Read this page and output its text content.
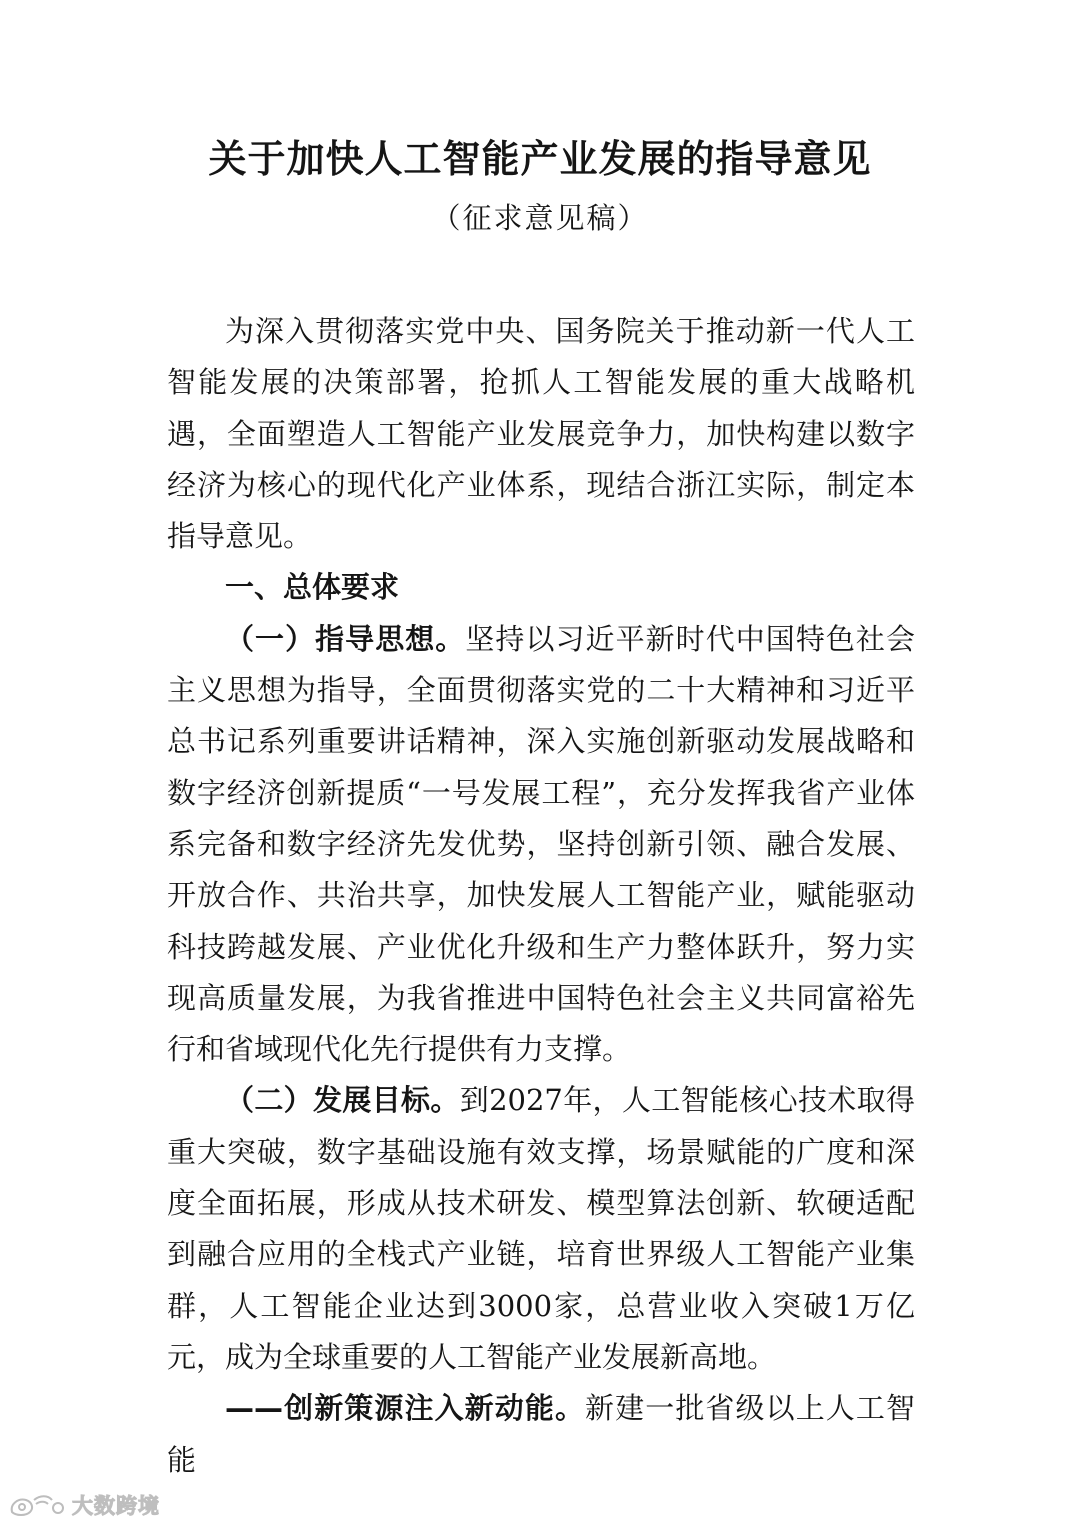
关于加快人工智能产业发展的指导意见
（征求意见稿）

为深入贯彻落实党中央、国务院关于推动新一代人工智能发展的决策部署，抢抓人工智能发展的重大战略机遇，全面塑造人工智能产业发展竞争力，加快构建以数字经济为核心的现代化产业体系，现结合浙江实际，制定本指导意见。

一、总体要求

（一）指导思想。坚持以习近平新时代中国特色社会主义思想为指导，全面贯彻落实党的二十大精神和习近平总书记系列重要讲话精神，深入实施创新驱动发展战略和数字经济创新提质“一号发展工程”，充分发挥我省产业体系完备和数字经济先发优势，坚持创新引领、融合发展、开放合作、共治共享，加快发展人工智能产业，赋能驱动科技跨越发展、产业优化升级和生产力整体跃升，努力实现高质量发展，为我省推进中国特色社会主义共同富裕先行和省域现代化先行提供有力支撑。

（二）发展目标。到2027年，人工智能核心技术取得重大突破，数字基础设施有效支撑，场景赋能的广度和深度全面拓展，形成从技术研发、模型算法创新、软硬适配到融合应用的全栈式产业链，培育世界级人工智能产业集群，人工智能企业达到3000家，总营业收入突破1万亿元，成为全球重要的人工智能产业发展新高地。

——创新策源注入新动能。新建一批省级以上人工智能

大数跨境
